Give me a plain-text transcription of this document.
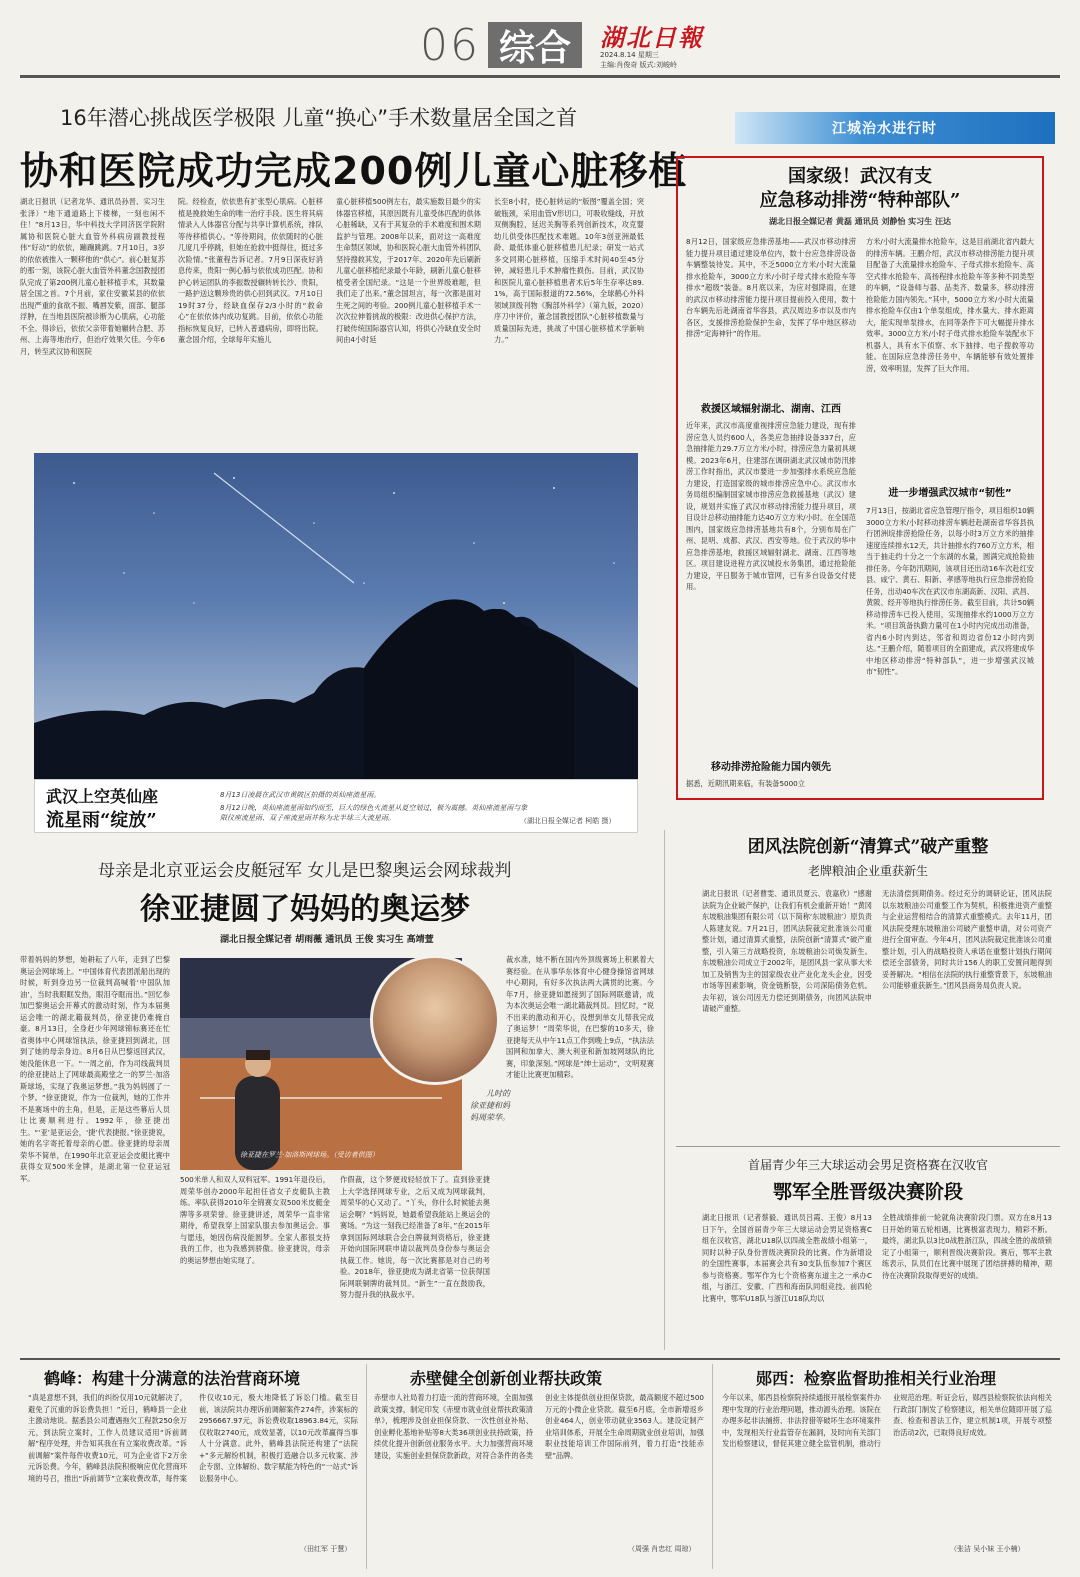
06 综合	湖北日報
2024.8.14 星期三
主编:肖俊奇 版式:刘峻岭
16年潜心挑战医学极限 儿童“换心”手术数量居全国之首
协和医院成功完成200例儿童心脏移植
湖北日报讯（记者龙华、通讯员孙晋、实习生张泽）“地下通道路上下楼梯，一刻也闲不住！”8月13日，华中科技大学同济医学院附属协和医院心脏大血管外科病房副教授程伟“好动”的依依，蹦蹦跳跳。7月10日，3岁的依依被推入一颗移他的“供心”。前心脏复苏的那一刻，该院心脏大血管外科董念国教授团队完成了第200例儿童心脏移植手术，其数量居全国之首。7个月前，家住安徽某县的依依出现严重的食欲不振、嘴唇发紫，面部、腿部浮肿，在当地县医院被诊断为心肌病，心功能不全。得诊后，依依父亲带着她辗转合肥、苏州、上海等地治疗，但治疗效果欠佳。今年6月，转至武汉协和医院
院。经检查，依依患有扩张型心肌病。心脏移植是挽救她生命的唯一治疗手段。医生将其病情录入人体器官分配与共享计算机系统，排队等待移植供心。“等待期间，依依随时的心脏几度几乎停跳，但她在抢救中挺得住，挺过多次险情。”张董程告诉记者。7月9日深夜好消息传来，贵阳一例心肺与依依成功匹配。协和护心转运团队的李振数授辗转转长沙、贵阳，一路护送这颗珍贵的供心回到武汉。7月10日19时37分，经缺血保存2/3小时的“救命心”在依依体内成功复跳。目前，依依心功能指标恢复良好，已转入普通病房，即将出院。董念国介绍，全球每年实施儿
童心脏移植500例左右，最实施数目最少的实体器官移植，其原因既有儿童受体匹配的供体心脏稀缺，又有于其复杂的手术难度和围术期监护与管理。2008年以来，面对这一高难度生命禁区领域，协和医院心脏大血管外科团队坚持搜救其发，于2017年、2020年先后刷新儿童心脏移植纪录最小年龄，刷新儿童心脏移植受者全国纪录。“这是一个世界级难题，但我们走了出来。”董念国坦言，每一次都是面对生死之间的考验。200例儿童心脏移植手术一次次拉伸着挑战的极限：改进供心保护方法，打破传统国际器官认知，将供心冷缺血安全时间由4小时延
长至8小时，使心脏转运的“版图”覆盖全国；突破瓶颈，采用血管V形切口，可吸收缝线，开放双侧胸腔，延迟关胸等系列创新技术，攻克婴幼儿供受体匹配技术难题。10年3创亚洲最低龄、最低体重心脏移植患儿纪录；研发一站式多交同期心脏移植，压缩手术时间40至45分钟，减轻患儿手术肿瘤性损伤。目前，武汉协和医院儿童心脏移植患者术后5年生存率达89.1%，高于国际报道的72.56%，全球鹤心外科领域顶级刊物《胸部外科学》（第九版，2020）序刀中评价，董念国教授团队“心脏移植数量与质量国际先进，挑战了中国心脏移植术学新响力。”
武汉上空英仙座
流星雨“绽放”
8月13日凌晨在武汉市黄陂区拍摄的英仙座流星雨。
8月12日晚，英仙座流星雨如约而至，巨大的绿色火流星从夏空划过，极为震撼。英仙座流星雨与象限仪座流星雨、双子座流星雨并称为北半球三大流星雨。	（湖北日报全媒记者 柯皓 摄）
江城治水进行时
国家级！武汉有支
应急移动排涝“特种部队”
湖北日报全媒记者 黄磊 通讯员 刘静怡 实习生 汪达
8月12日，国家级应急排涝基地——武汉市移动排涝能力提升项目通过建设单位内，数十台应急排涝设备车辆整装待发。其中，不乏5000立方米/小时大流量排水抢险车，3000立方米/小时子母式排水抢险车等排水“超级”装备。8月底以来，为应对强降雨，在建的武汉市移动排涝能力提升项目提前投入使用，数十台车辆先后赴湖南省华容县，武汉周边多市以及市内各区，支援排涝抢险保护生命，发挥了华中地区移动排涝“定海神针”的作用。
救援区域辐射湖北、湖南、江西
近年来，武汉市高度重视排涝应急能力建设，现有排涝应急人员约600人，各类应急抽排设备337台，应急抽排能力29.7万立方米/小时，排涝应急力量初具规模。2023年6月，住建部在调研湖北武汉城市防汛排涝工作时指出，武汉市要进一步加强排水系统应急能力建设，打造国家级的城市排涝应急中心。武汉市水务局组织编制国家城市排涝应急救援基地（武汉）建设，规划并实施了武汉市移动排涝能力提升项目，项目设计总移动抽排能力达40万立方米/小时。在全国范围内，国家级应急排涝基地共有8个，分别布局在广州、昆明、成都、武汉、西安等地。位于武汉的华中应急排涝基地，救援区域辐射湖北、湖南、江西等地区。项目建设进程方武汉城投水务集团，通过抢险能力建设，平日服务于城市管网，已有多台设备交付使用。
移动排涝抢险能力国内领先
据悉，近期汛期来临，有装备5000立
方米/小时大流量排水抢险车，这是目前湖北省内最大的排涝车辆。王鹏介绍，武汉市移动排涝能力提升项目配备了大流量排水抢险车、子母式排水抢险车、高空式排水抢险车、高扬程排水抢险车等多种不同类型的车辆，“设备师与器、品类齐、数量多，移动排涝抢险能力国内领先。”其中，5000立方米/小时大流量排水抢险车仅由1个单泵组成，排水量大、排水距离大，能实现单泵排水，在同等条件下可大幅提升排水效率。3000立方米/小时子母式排水抢险车装配水下机器人，具有水下侦察、水下抽排、电子搜救等功能。在国际应急排涝任务中，车辆能够有效处置排涝，效率明显，发挥了巨大作用。
进一步增强武汉城市“韧性”
7月13日，按湖北省应急管理厅指令，项目组织10辆3000立方米/小时移动排涝车辆赶赴湖南省华容县执行团洲垸排涝抢险任务，以每小时3万立方米的抽排速度连续排水12天，共计抽排水约760万立方米，相当于抽走约十分之一个东湖的水量，圆满完成抢险抽排任务。今年防汛期间，该项目还出动16车次赴红安县、咸宁、黄石、阳新、孝感等地执行应急排涝抢险任务，出动40车次在武汉市东湖高新、汉阳、武昌、黄陂、经开等地执行排涝任务。截至目前，共计50辆移动排涝车已投入使用，实现抽排水约1000万立方米。“项目筑备执勤力量可在1小时内完成出动准备，省内6小时内到达，邻省和周边省份12小时内到达。”王鹏介绍，随着项目的全面建成，武汉将建成华中地区移动排涝“特种部队”，进一步增强武汉城市“韧性”。
母亲是北京亚运会皮艇冠军 女儿是巴黎奥运会网球裁判
徐亚捷圆了妈妈的奥运梦
湖北日报全媒记者 胡雨薇 通讯员 王俊 实习生 高靖萱
带着妈妈的梦想，她耕耘了八年，走到了巴黎奥运会网球场上。“中国体育代表团派船出现的时候，听到身边另一位裁判高喊着‘中国队加油’，当时我眼眶发热，眼泪夺眶而出。”回忆参加巴黎奥运会开幕式的激动时刻，作为本届奥运会唯一的湖北籍裁判员，徐亚捷仍难掩自豪。8月13日，全身赶少年网球锦标赛还在忙省奥体中心网球馆执法，徐亚捷回到湖北，回到了她的母亲身边。8月6日从巴黎返回武汉，她没能休息一下。“一周之前，作为司线裁判员的徐亚捷站上了网球最高殿堂之一的罗兰·加洛斯球场，实现了我奥运梦想。”我为妈妈圆了一个梦。“徐亚捷说，作为一位裁判，她的工作并不是赛场中的主角，但是，正是这些幕后人员让比赛顺利进行。1992年，徐亚捷出生。“‘亚’是亚运会，‘捷’代表捷报。”徐亚捷说，她的名字寄托着母亲的心愿。徐亚捷的母亲周荣华不简单，在1990年北京亚运会皮艇比赛中获得女双500米金牌，是湖北第一位亚运冠军。	500米单人和双人双料冠军。1991年退役后，周荣华创办2000年起担任省女子皮艇队主教练。率队获得2010年全锦赛女双500米皮艇金牌等多项荣誉。徐亚捷讲述，周荣华一直非常期待，希望我穿上国家队服去参加奥运会。事与愿违，她因伤病没能圆梦。全家人都很支持我的工作，也为我感到骄傲。徐亚捷说，母亲的奥运梦想由她实现了。
作假裁，这个梦便戏轻轻放下了。直到徐亚捷上大学选择网球专业，之后又成为网球裁判，周荣华的心又动了。“丫头，你什么时候能去奥运会啊？”妈妈说，她最希望我能站上奥运会的赛场。“为这一刻我已经准备了8年。”在2015年拿到国际网球联合会白牌裁判资格后，徐亚捷开始向国际网联申请以裁判员身份参与奥运会执裁工作。她说，每一次比赛都是对自己的考验。2018年，徐亚捷成为湖北省第一位获得国际网联铜牌的裁判员。“新生”一直在鼓励我，努力提升我的执裁水平。
裁水准，她不断在国内外顶级赛场上积累着大赛经验。在从事华东体育中心健身操馆省网球中心期间，有好多次执法两大满贯的比赛。今年7月，徐亚捷如愿接到了国际网联邀请，成为本次奥运会唯一湖北籍裁判员。回忆时，“说不出来的激动和开心，没想到单女儿帮我完成了奥运梦！”周荣华说，在巴黎的10多天，徐亚捷每天从中午11点工作到晚上9点，“执法法国网和加拿大、澳大利亚和新加坡网球队的比赛，印象深刻。”网球是“绅士运动”，文明观赛才能让比赛更加精彩。
徐亚捷在罗兰·加洛斯网球场。（受访者供图）
儿时的
徐亚捷和妈
妈周荣华。
团风法院创新“清算式”破产重整
老牌粮油企业重获新生
湖北日报讯（记者曹雯、通讯员夏云、袁嘉欣）“感谢法院为企业破产保护，让我们有机会重新开始！”黄冈东坡粮油集团有限公司（以下简称‘东坡粮油’）原负责人陈建友说。7月21日，团风法院裁定批准该公司重整计划，通过清算式重整，法院创新“清算式”破产重整，引入第三方战略投资，东坡粮油公司焕发新生。东坡粮油公司成立于2002年，是团风县一家从事大米加工及销售为主的国家级农业产业化龙头企业，因受市场等因素影响，资金链断裂，公司深陷债务危机。去年初，该公司因无力偿还到期债务，向团风法院申请破产重整。
无法清偿到期债务。经过充分的调研论证，团风法院以东坡粮油公司重整工作为契机，积极推进资产重整与企业运营相结合的清算式重整模式。去年11月，团风法院受理东坡粮油公司破产重整申请，对公司资产进行全面审查。今年4月，团风法院裁定批准该公司重整计划，引入的战略投资人承诺在重整计划执行期间偿还全部债务，同时共计156人的职工安置问题得到妥善解决。“相信在法院的执行重整背景下，东坡粮油公司能够重获新生。”团风县商务局负责人说。
首届青少年三大球运动会男足资格赛在汉收官
鄂军全胜晋级决赛阶段
湖北日报讯（记者蔡毅、通讯员吕霞、王俊）8月13日下午，全国首届青少年三大球运动会男足资格赛C组在汉收官，湖北U18队以四战全胜战绩小组第一，同时以种子队身份晋级决赛阶段的比赛。作为新增设的全国性赛事，本届赛会共有30支队伍参加7个赛区参与资格赛。鄂军作为七个资格赛东道主之一承办C组，与浙江、安徽、广西和海南队同组竞技。前四轮比赛中，鄂军U18队与浙江U18队均以
全胜战绩排前一轮就角决赛阶段门票。双方在8月13日开始的第五轮相遇，比赛极富表现力，精彩不断。最终，湖北队以3比0战胜浙江队，四战全胜的战绩锁定了小组第一，顺利晋级决赛阶段。赛后，鄂军主教练表示，队员们在比赛中展现了团结拼搏的精神，期待在决赛阶段取得更好的成绩。
鹤峰：构建十分满意的法治营商环境
“真是意想不到，我们的纠纷仅用10元就解决了，避免了沉重的诉讼费负担！”近日，鹤峰县一企业主激动地说。据悉县公司遭遇拖欠工程款250余万元，到法院立案时，工作人员建议适用“诉前调解”程序处理，并告知其我在有立案收费改革。“诉前调解”案件每件收费10元，可为企业省下2万余元诉讼费。今年，鹤峰县法院积极响应优化营商环境的号召，推出“诉前调节”立案收费改革，每件案件仅收10元，极大地降低了诉讼门槛。截至目前，该法院共办理诉前调解案件274件，涉案标的2956667.97元，诉讼费收取18963.84元，实际仅收取2740元，成效显著，以10元改革赢得当事人十分满意。此外，鹤峰县法院还构建了“法院+”多元解纷机制，积极打造融合以多元收案、涉企专窗、立体解纷、数字赋能为特色的“一站式”诉讼服务中心。
（田红军 于慧）
赤壁健全创新创业帮扶政策
赤壁市人社局着力打造一流的营商环境，全面加强政策支撑，制定印发《赤壁市就业创业帮扶政策清单》，梳理涉及创业担保贷款、一次性创业补贴、创业孵化基地补贴等8大类36项创业扶持政策，持续优化提升创新创业服务水平。大力加强营商环境建设，实施创业担保贷款新政，对符合条件的各类创业主体提供创业担保贷款，最高额度不超过500万元的小微企业贷款。截至6月底，全市新增返乡创业464人，创业带动就业3563人。建设定制产业培训体系，开展全生命周期就业创业培训，加强职业技能培训工作国际前列，着力打造“技能赤壁”品牌。
（周强 肖忠红 周琼）
郧西：检察监督助推相关行业治理
今年以来，郧西县检察院持续通报开展检察案件办理中发现的行业治理问题，推动源头治理。该院在办理多起非法捕捞、非法狩猎等破坏生态环境案件中，发现相关行业监管存在漏洞，及时向有关部门发出检察建议，督促其建立健全监管机制，推动行业规范治理。听证会后，郧西县检察院依法向相关行政部门制发了检察建议，相关单位随即开展了巡查、检查和普法工作，建立机制1项，开展专项整治活动2次，已取得良好成效。
（张洁 吴小妹 王小楠）
